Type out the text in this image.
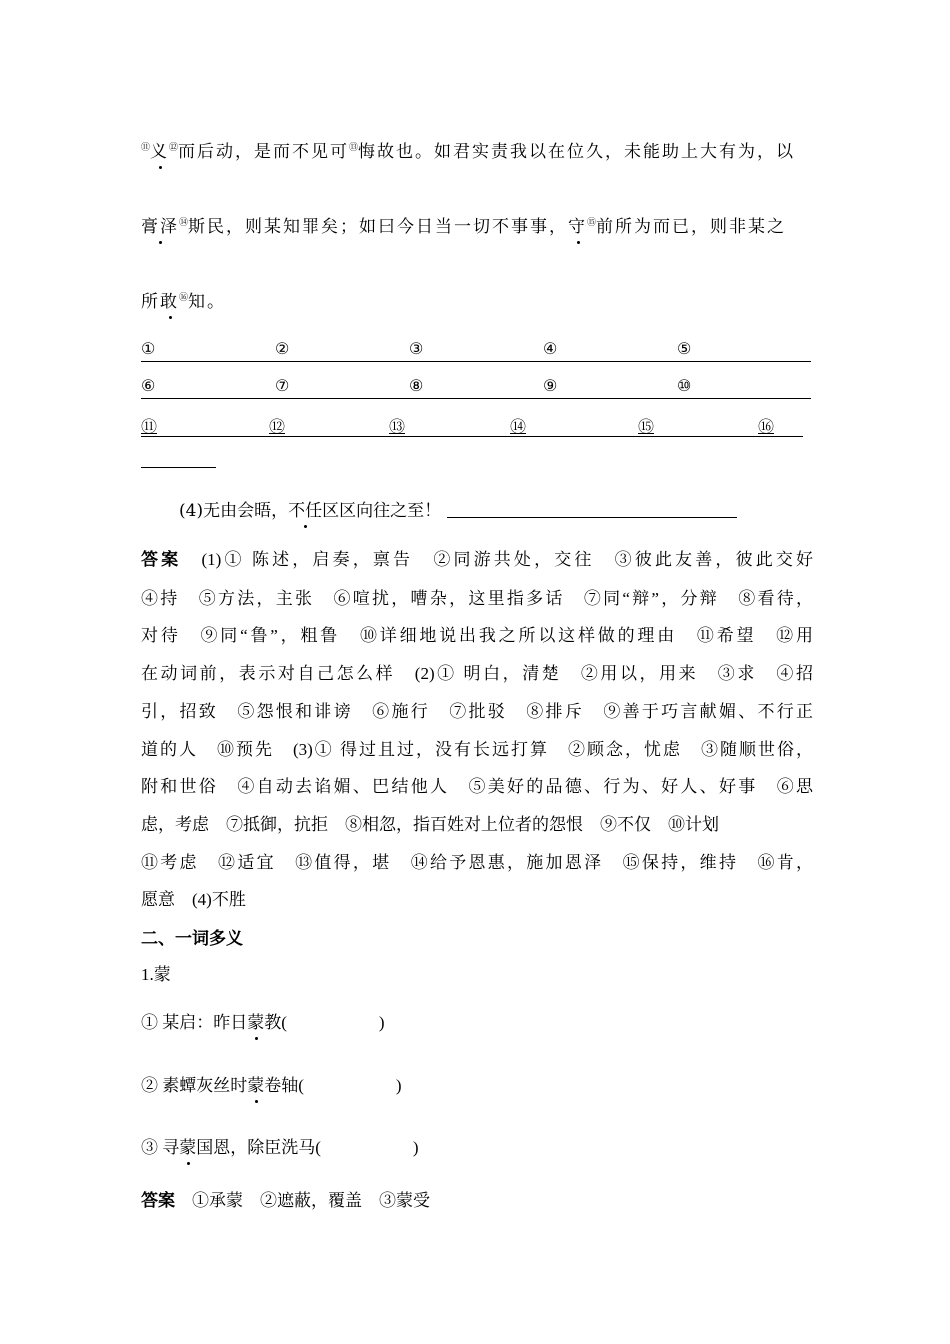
⑪义⑫而后动，是而不见可⑬悔故也。如君实责我以在位久，未能助上大有为，以
膏泽⑭斯民，则某知罪矣；如曰今日当一切不事事，守⑮前所为而已，则非某之
所敢⑯知。
①	②	③	④	⑤
⑥	⑦	⑧	⑨	⑩
⑪	⑫	⑬	⑭	⑮	⑯
(4)无由会晤，不任区区向往之至！

答案　 (1)① 陈述，启奏，禀告　②同游共处，交往　③彼此友善，彼此交好

④持　⑤方法，主张　⑥喧扰，嘈杂，这里指多话　⑦同“辩”，分辩　⑧看待，

对待　⑨同“鲁”，粗鲁　⑩详细地说出我之所以这样做的理由　⑪希望　⑫用

在动词前，表示对自己怎么样　(2)① 明白，清楚　②用以，用来　③求　④招

引，招致　⑤怨恨和诽谤　⑥施行　⑦批驳　⑧排斥　⑨善于巧言献媚、不行正

道的人　⑩预先　(3)① 得过且过，没有长远打算　②顾念，忧虑　③随顺世俗，

附和世俗　④自动去谄媚、巴结他人　⑤美好的品德、行为、好人、好事　⑥思

虑，考虑　⑦抵御，抗拒　⑧相忽，指百姓对上位者的怨恨　⑨不仅　⑩计划

⑪考虑　⑫适宜　⑬值得，堪　⑭给予恩惠，施加恩泽　⑮保持，维持　⑯肯，

愿意　(4)不胜

二、一词多义
1.蒙
① 某启：昨日蒙教(	)
② 素蟫灰丝时蒙卷轴(	)
③ 寻蒙国恩，除臣洗马(	)
答案　 ①承蒙　②遮蔽，覆盖　③蒙受
